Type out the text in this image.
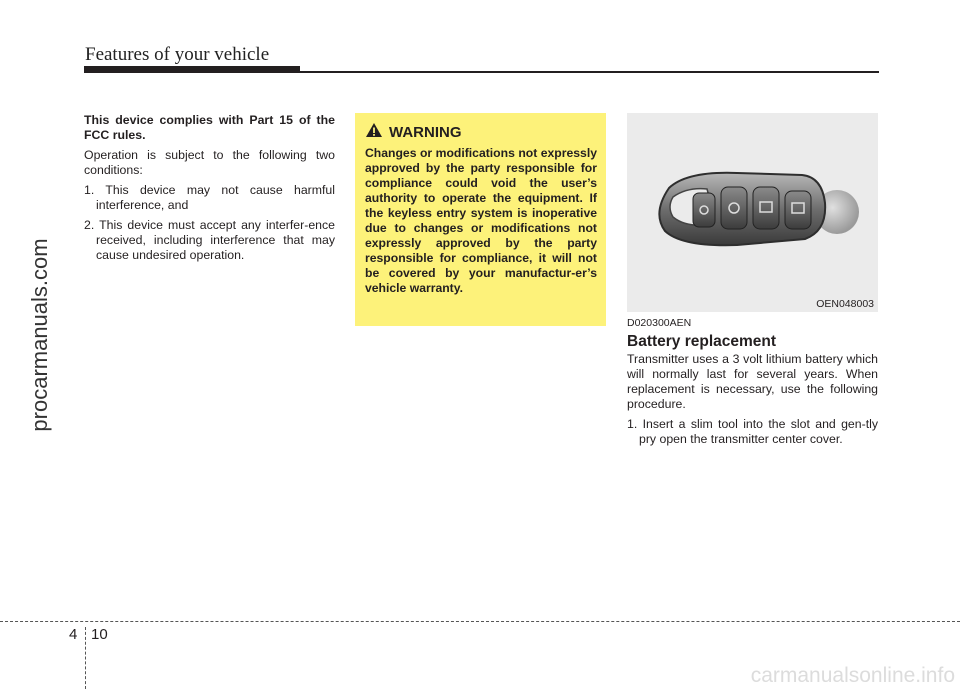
Features of your vehicle

This device complies with Part 15 of the FCC rules.

Operation is subject to the following two conditions:

1. This device may not cause harmful interference, and

2. This device must accept any interfer-ence received, including interference that may cause undesired operation.

WARNING

Changes or modifications not expressly approved by the party responsible for compliance could void the user’s authority to operate the equipment. If the keyless entry system is inoperative due to changes or modifications not expressly approved by the party responsible for compliance, it will not be covered by your manufactur-er’s vehicle warranty.

OEN048003
D020300AEN
Battery replacement

Transmitter uses a 3 volt lithium battery which will normally last for several years. When replacement is necessary, use the following procedure.

1. Insert a slim tool into the slot and gen-tly pry open the transmitter center cover.

4 10
procarmanuals.com
carmanualsonline.info
